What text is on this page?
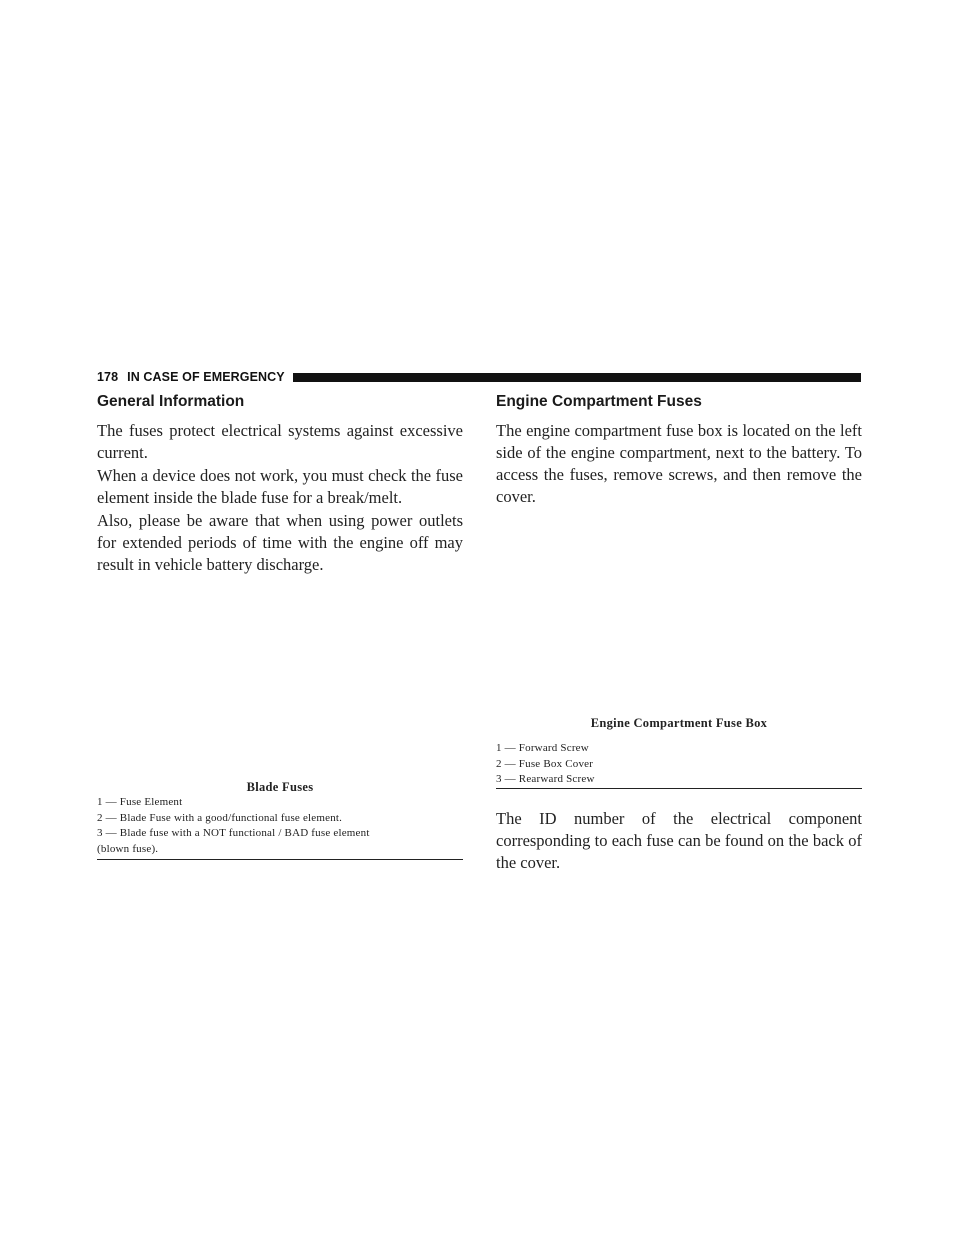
178 IN CASE OF EMERGENCY
General Information

The fuses protect electrical systems against excessive current.

When a device does not work, you must check the fuse element inside the blade fuse for a break/melt.

Also, please be aware that when using power outlets for extended periods of time with the engine off may result in vehicle battery discharge.

Blade Fuses
1 — Fuse Element
2 — Blade Fuse with a good/functional fuse element.
3 — Blade fuse with a NOT functional / BAD fuse element
(blown fuse).
Engine Compartment Fuses

The engine compartment fuse box is located on the left side of the engine compartment, next to the battery. To access the fuses, remove screws, and then remove the cover.

Engine Compartment Fuse Box
1 — Forward Screw
2 — Fuse Box Cover
3 — Rearward Screw

The ID number of the electrical component corresponding to each fuse can be found on the back of the cover.
